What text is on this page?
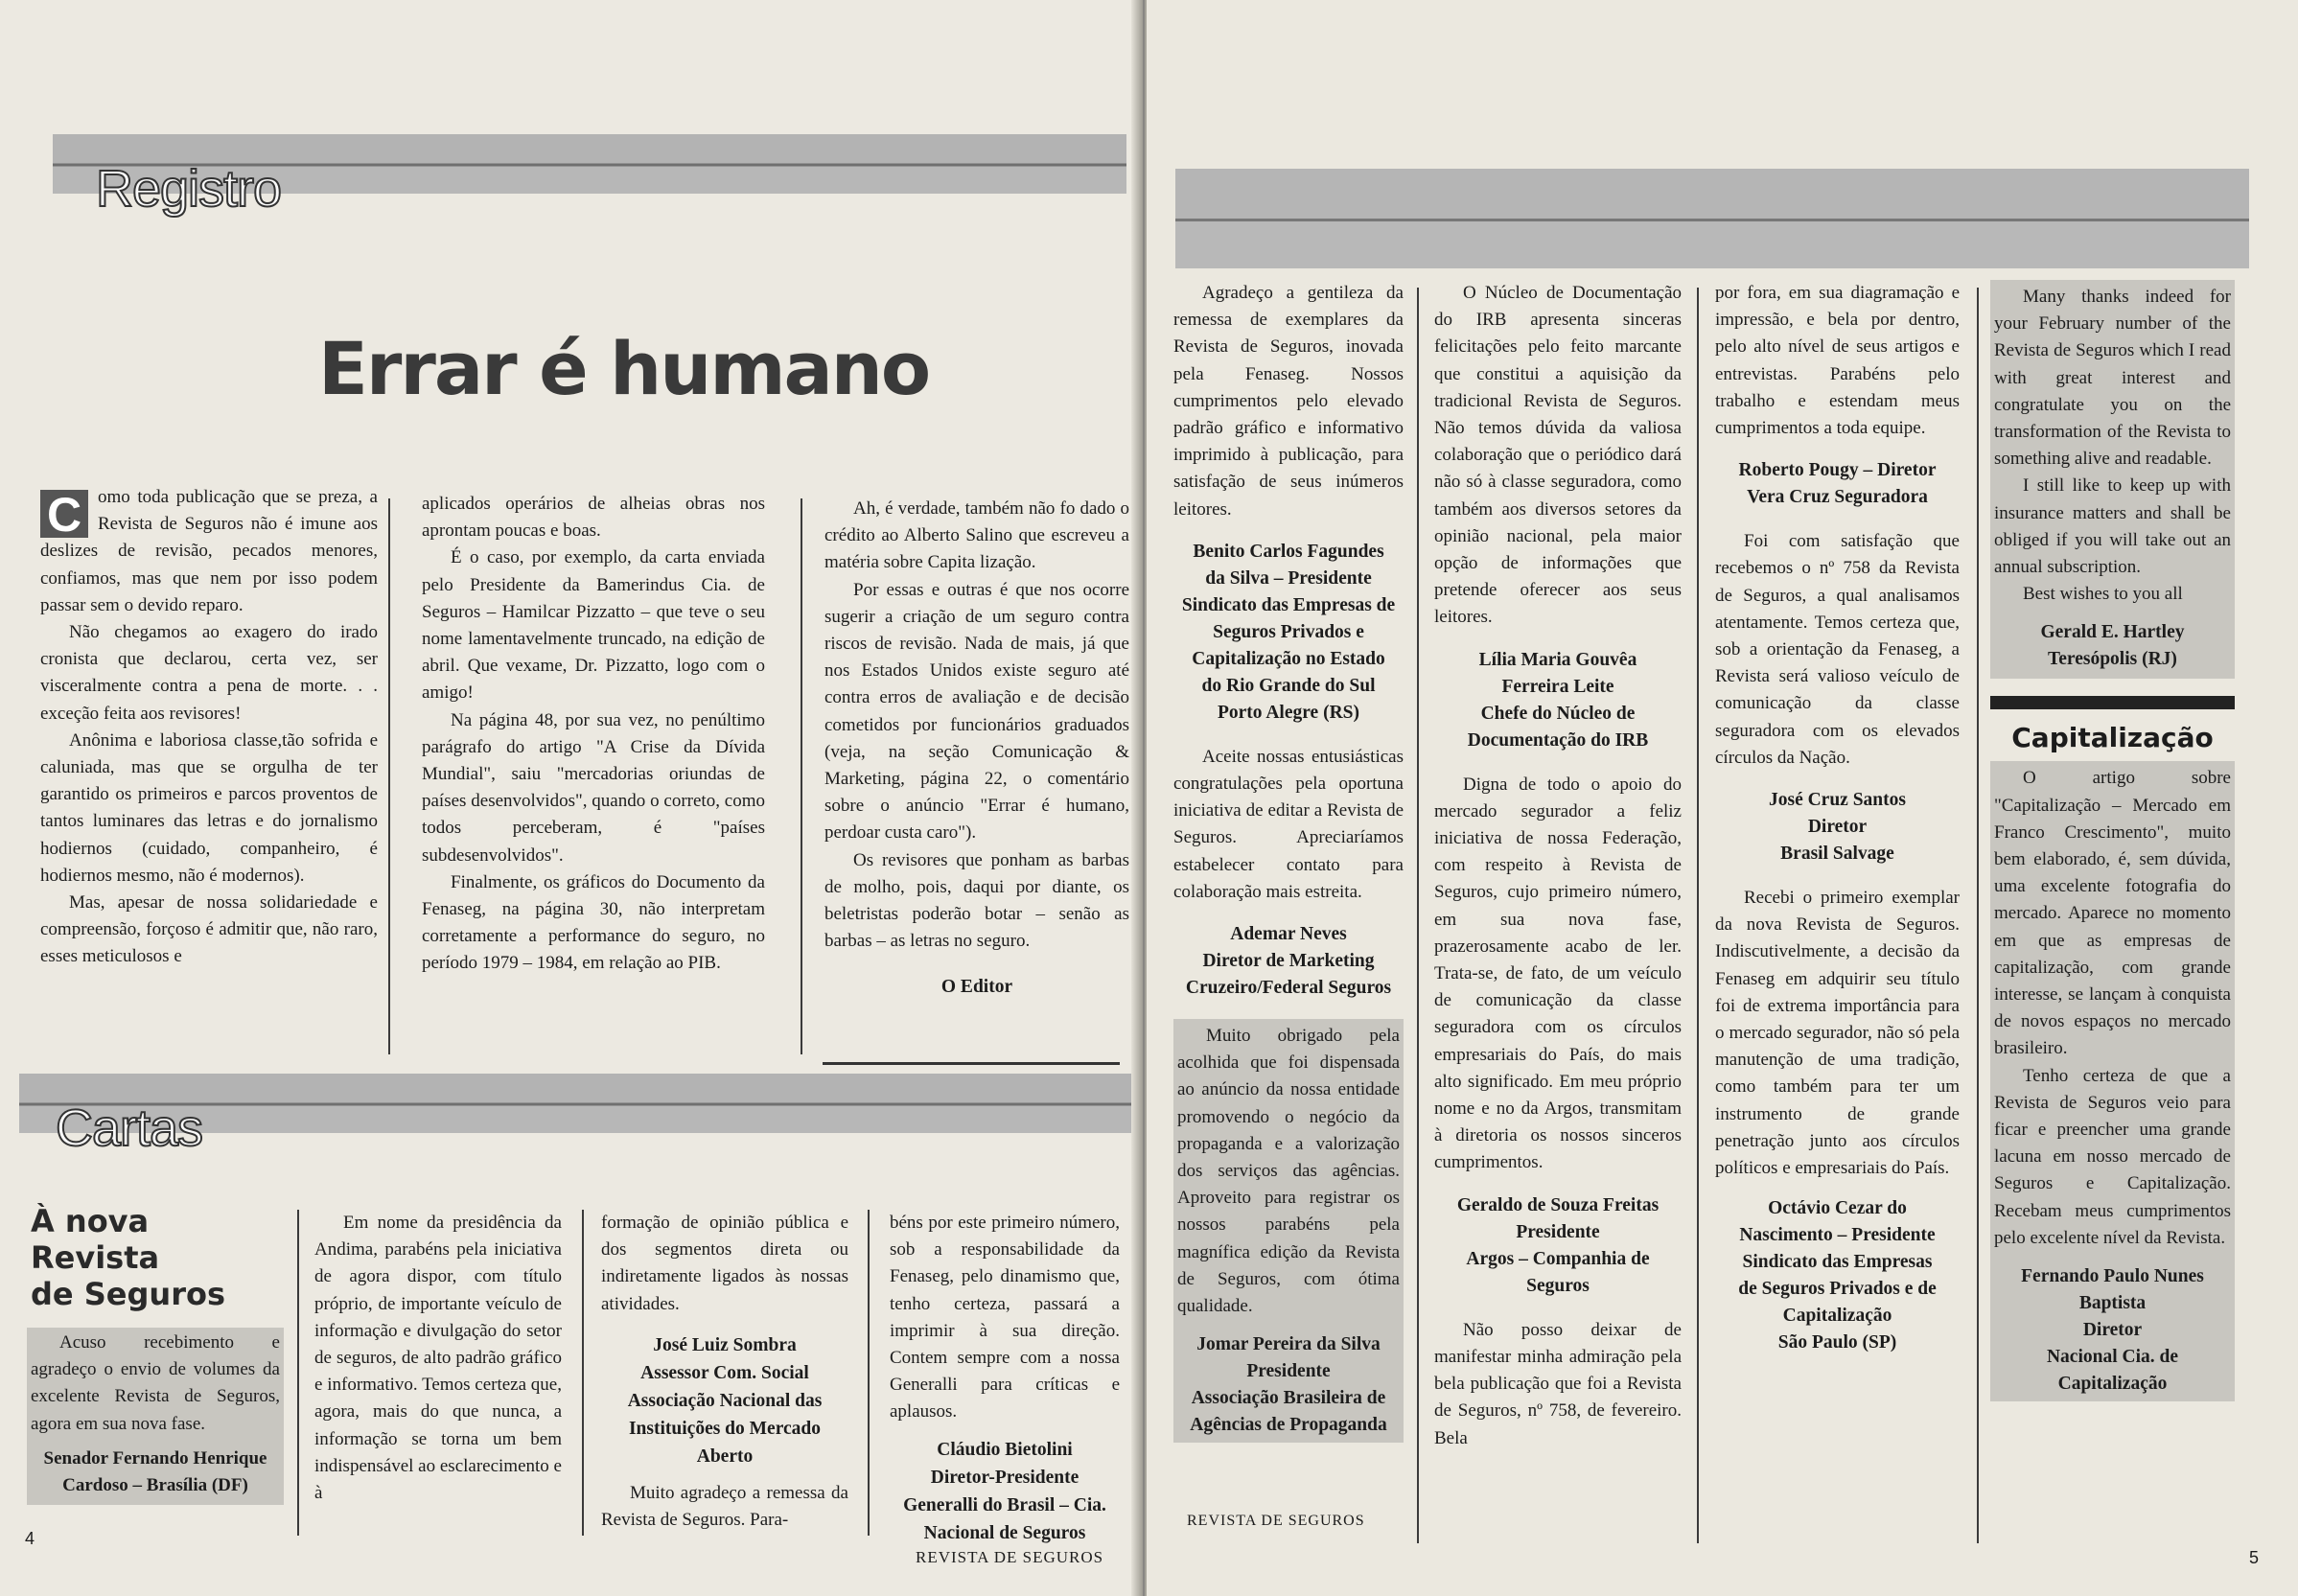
Registro
Errar é humano

C omo toda publicação que se preza, a Revista de Seguros não é imune aos deslizes de revisão, pecados menores, confiamos, mas que nem por isso podem passar sem o devido reparo.

Não chegamos ao exagero do irado cronista que declarou, certa vez, ser visceralmente contra a pena de morte. . . exceção feita aos revisores!

Anônima e laboriosa classe,tão sofrida e caluniada, mas que se orgulha de ter garantido os primeiros e parcos proventos de tantos luminares das letras e do jornalismo hodiernos (cuidado, companheiro, é hodiernos mesmo, não é modernos).

Mas, apesar de nossa solidariedade e compreensão, forçoso é admitir que, não raro, esses meticulosos e

aplicados operários de alheias obras nos aprontam poucas e boas.

É o caso, por exemplo, da carta enviada pelo Presidente da Bamerindus Cia. de Seguros – Hamilcar Pizzatto – que teve o seu nome lamentavelmente truncado, na edição de abril. Que vexame, Dr. Pizzatto, logo com o amigo!

Na página 48, por sua vez, no penúltimo parágrafo do artigo "A Crise da Dívida Mundial", saiu "mercadorias oriundas de países desenvolvidos", quando o correto, como todos perceberam, é "países subdesenvolvidos".

Finalmente, os gráficos do Documento da Fenaseg, na página 30, não interpretam corretamente a performance do seguro, no período 1979 – 1984, em relação ao PIB.

Ah, é verdade, também não fo dado o crédito ao Alberto Salino que escreveu a matéria sobre Capita lização.

Por essas e outras é que nos ocorre sugerir a criação de um seguro contra riscos de revisão. Nada de mais, já que nos Estados Unidos existe seguro até contra erros de avaliação e de decisão cometidos por funcionários graduados (veja, na seção Comunicação & Marketing, página 22, o comentário sobre o anúncio "Errar é humano, perdoar custa caro").

Os revisores que ponham as barbas de molho, pois, daqui por diante, os beletristas poderão botar – senão as barbas – as letras no seguro.

O Editor
Cartas
À nova
Revista
de Seguros

Acuso recebimento e agradeço o envio de volumes da excelente Revista de Seguros, agora em sua nova fase.

Senador Fernando Henrique
Cardoso – Brasília (DF)

Em nome da presidência da Andima, parabéns pela iniciativa de agora dispor, com título próprio, de importante veículo de informação e divulgação do setor de seguros, de alto padrão gráfico e informativo. Temos certeza que, agora, mais do que nunca, a informação se torna um bem indispensável ao esclarecimento e à

formação de opinião pública e dos segmentos direta ou indiretamente ligados às nossas atividades.

José Luiz Sombra
Assessor Com. Social
Associação Nacional das
Instituições do Mercado
Aberto

Muito agradeço a remessa da Revista de Seguros. Para-

béns por este primeiro número, sob a responsabilidade da Fenaseg, pelo dinamismo que, tenho certeza, passará a imprimir à sua direção. Contem sempre com a nossa Generalli para críticas e aplausos.

Cláudio Bietolini
Diretor-Presidente
Generalli do Brasil – Cia.
Nacional de Seguros
4
REVISTA DE SEGUROS

Agradeço a gentileza da remessa de exemplares da Revista de Seguros, inovada pela Fenaseg. Nossos cumprimentos pelo elevado padrão gráfico e informativo imprimido à publicação, para satisfação de seus inúmeros leitores.

Benito Carlos Fagundes
da Silva – Presidente
Sindicato das Empresas de
Seguros Privados e
Capitalização no Estado
do Rio Grande do Sul
Porto Alegre (RS)

Aceite nossas entusiásticas congratulações pela oportuna iniciativa de editar a Revista de Seguros. Apreciaríamos estabelecer contato para colaboração mais estreita.

Ademar Neves
Diretor de Marketing
Cruzeiro/Federal Seguros

Muito obrigado pela acolhida que foi dispensada ao anúncio da nossa entidade promovendo o negócio da propaganda e a valorização dos serviços das agências. Aproveito para registrar os nossos parabéns pela magnífica edição da Revista de Seguros, com ótima qualidade.

Jomar Pereira da Silva
Presidente
Associação Brasileira de
Agências de Propaganda
REVISTA DE SEGUROS

O Núcleo de Documentação do IRB apresenta sinceras felicitações pelo feito marcante que constitui a aquisição da tradicional Revista de Seguros. Não temos dúvida da valiosa colaboração que o periódico dará não só à classe seguradora, como também aos diversos setores da opinião nacional, pela maior opção de informações que pretende oferecer aos seus leitores.

Lília Maria Gouvêa
Ferreira Leite
Chefe do Núcleo de
Documentação do IRB

Digna de todo o apoio do mercado segurador a feliz iniciativa de nossa Federação, com respeito à Revista de Seguros, cujo primeiro número, em sua nova fase, prazerosamente acabo de ler. Trata-se, de fato, de um veículo de comunicação da classe seguradora com os círculos empresariais do País, do mais alto significado. Em meu próprio nome e no da Argos, transmitam à diretoria os nossos sinceros cumprimentos.

Geraldo de Souza Freitas
Presidente
Argos – Companhia de
Seguros

Não posso deixar de manifestar minha admiração pela bela publicação que foi a Revista de Seguros, nº 758, de fevereiro. Bela

por fora, em sua diagramação e impressão, e bela por dentro, pelo alto nível de seus artigos e entrevistas. Parabéns pelo trabalho e estendam meus cumprimentos a toda equipe.

Roberto Pougy – Diretor
Vera Cruz Seguradora

Foi com satisfação que recebemos o nº 758 da Revista de Seguros, a qual analisamos atentamente. Temos certeza que, sob a orientação da Fenaseg, a Revista será valioso veículo de comunicação da classe seguradora com os elevados círculos da Nação.

José Cruz Santos
Diretor
Brasil Salvage

Recebi o primeiro exemplar da nova Revista de Seguros. Indiscutivelmente, a decisão da Fenaseg em adquirir seu título foi de extrema importância para o mercado segurador, não só pela manutenção de uma tradição, como também para ter um instrumento de grande penetração junto aos círculos políticos e empresariais do País.

Octávio Cezar do
Nascimento – Presidente
Sindicato das Empresas
de Seguros Privados e de
Capitalização
São Paulo (SP)

Many thanks indeed for your February number of the Revista de Seguros which I read with great interest and congratulate you on the transformation of the Revista to something alive and readable.

I still like to keep up with insurance matters and shall be obliged if you will take out an annual subscription.

Best wishes to you all

Gerald E. Hartley
Teresópolis (RJ)
Capitalização

O artigo sobre "Capitalização – Mercado em Franco Crescimento", muito bem elaborado, é, sem dúvida, uma excelente fotografia do mercado. Aparece no momento em que as empresas de capitalização, com grande interesse, se lançam à conquista de novos espaços no mercado brasileiro.

Tenho certeza de que a Revista de Seguros veio para ficar e preencher uma grande lacuna em nosso mercado de Seguros e Capitalização. Recebam meus cumprimentos pelo excelente nível da Revista.

Fernando Paulo Nunes
Baptista
Diretor
Nacional Cia. de
Capitalização
5
